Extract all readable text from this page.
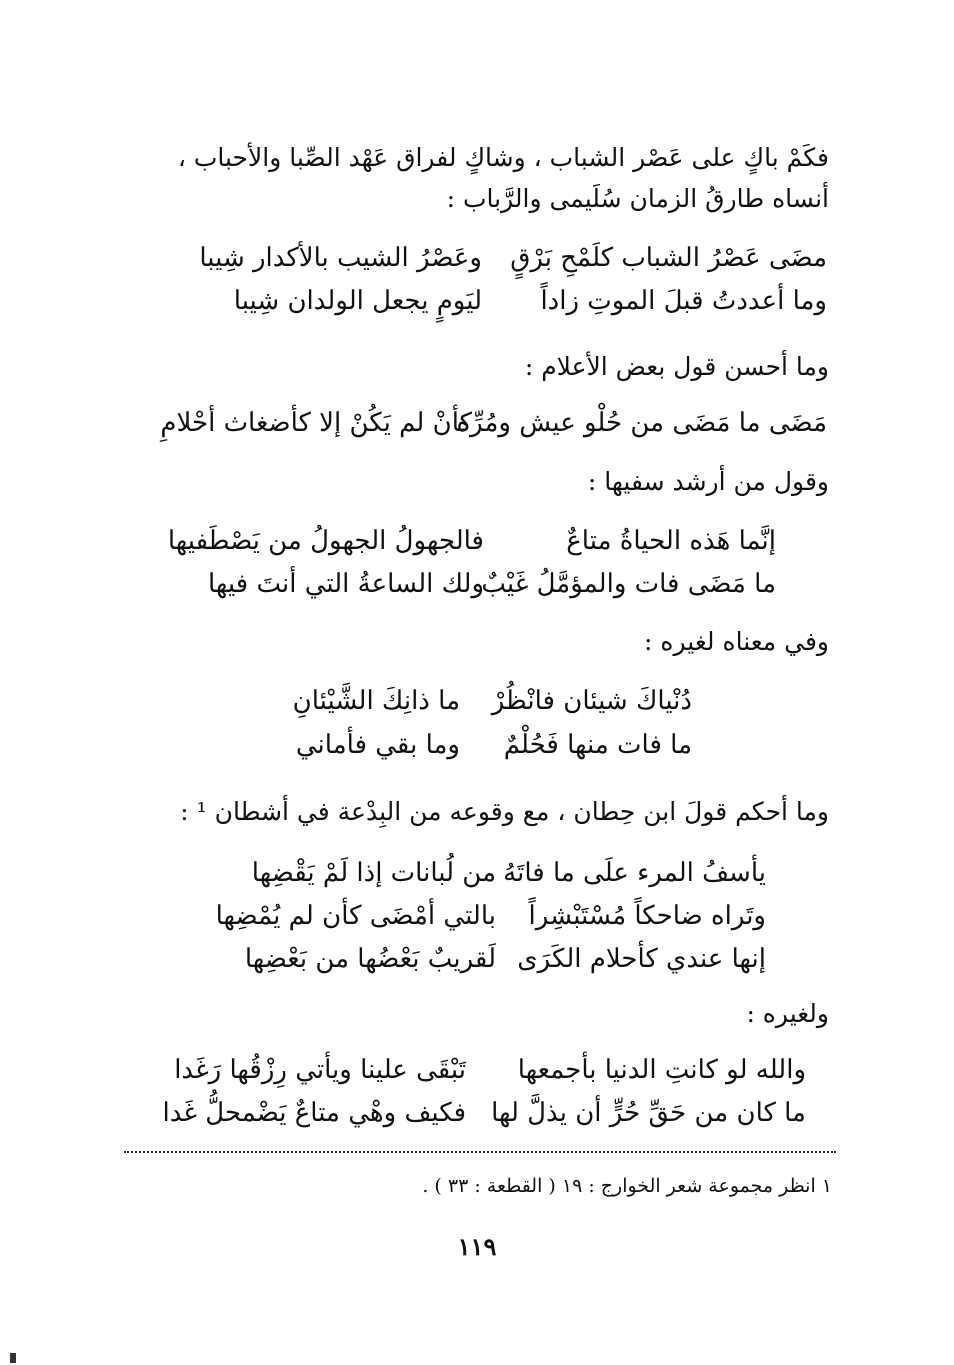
فكَمْ باكٍ على عَصْر الشباب ، وشاكٍ لفراق عَهْد الصِّبا والأحباب ،
أنساه طارقُ الزمان سُلَيمى والرَّباب :
مضَى عَصْرُ الشباب كلَمْحِ بَرْقٍ
وعَصْرُ الشيب بالأكدار شِيبا
وما أعددتُ قبلَ الموتِ زاداً
ليَومٍ يجعل الولدان شِيبا
وما أحسن قول بعض الأعلام :
مَضَى ما مَضَى من حُلْو عيش ومُرِّه
كأنْ لم يَكُنْ إلا كأضغاث أحْلامِ
وقول من أرشد سفيها :
إنَّما هَذه الحياةُ متاعٌ
فالجهولُ الجهولُ من يَصْطَفيها
ما مَضَى فات والمؤمَّلُ غَيْبٌ
ولك الساعةُ التي أنتَ فيها
وفي معناه لغيره :
دُنْياكَ شيئان فانْظُرْ
ما ذانِكَ الشَّيْئانِ
ما فات منها فَحُلْمٌ
وما بقي فأماني
وما أحكم قولَ ابن حِطان ، مع وقوعه من البِدْعة في أشطان ¹ :
يأسفُ المرء علَى ما فاتَهُ
من لُبانات إذا لَمْ يَقْضِها
وتَراه ضاحكاً مُسْتَبْشِراً
بالتي أمْضَى كأن لم يُمْضِها
إنها عندي كأحلام الكَرَى
لَقريبٌ بَعْضُها من بَعْضِها
ولغيره :
والله لو كانتِ الدنيا بأجمعها
تَبْقَى علينا ويأتي رِزْقُها رَغَدا
ما كان من حَقِّ حُرٍّ أن يذلَّ لها
فكيف وهْي متاعٌ يَضْمحلُّ غَدا
١ انظر مجموعة شعر الخوارج : ١٩ ( القطعة : ٣٣ ) .
١١٩
